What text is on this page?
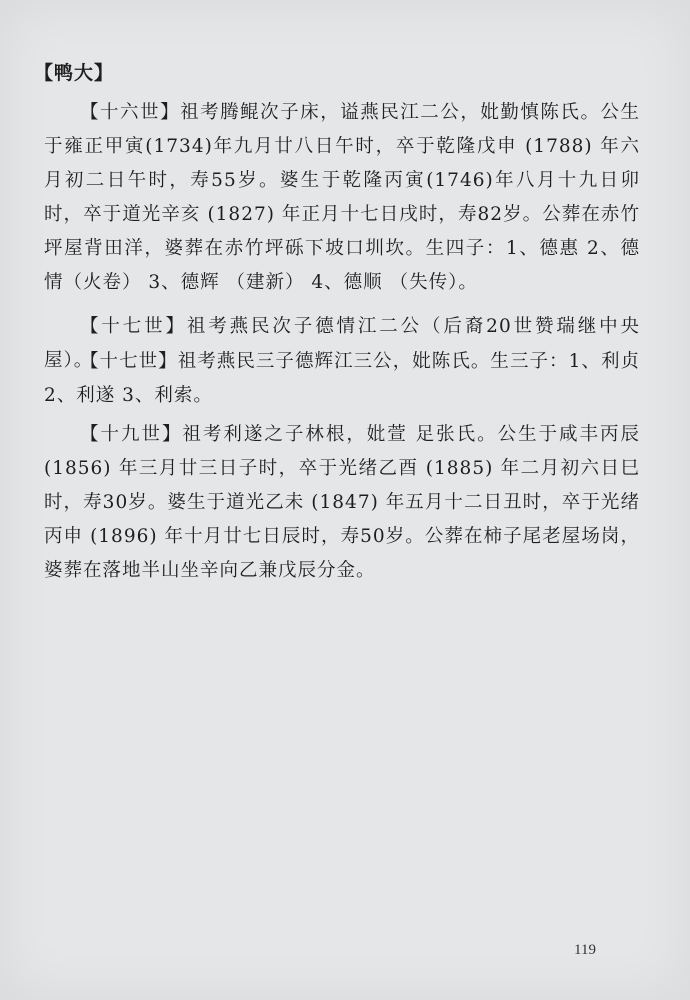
【鸭大】

【十六世】祖考腾鲲次子床，谥燕民江二公，妣勤慎陈氏。公生于雍正甲寅(1734)年九月廿八日午时，卒于乾隆戊申 (1788) 年六月初二日午时，寿55岁。婆生于乾隆丙寅(1746)年八月十九日卯时，卒于道光辛亥 (1827) 年正月十七日戌时，寿82岁。公葬在赤竹坪屋背田洋，婆葬在赤竹坪砾下坡口圳坎。生四子：1、德惠 2、德情（火卷） 3、德辉 （建新） 4、德顺 （失传）。

【十七世】祖考燕民次子德情江二公（后裔20世赞瑞继中央屋）。

【十七世】祖考燕民三子德辉江三公，妣陈氏。生三子：1、利贞 2、利遂 3、利索。

【十九世】祖考利遂之子林根，妣萱 足张氏。公生于咸丰丙辰(1856) 年三月廿三日子时，卒于光绪乙酉 (1885) 年二月初六日巳时，寿30岁。婆生于道光乙未 (1847) 年五月十二日丑时，卒于光绪丙申 (1896) 年十月廿七日辰时，寿50岁。公葬在柿子尾老屋场岗，婆葬在落地半山坐辛向乙兼戊辰分金。

119
